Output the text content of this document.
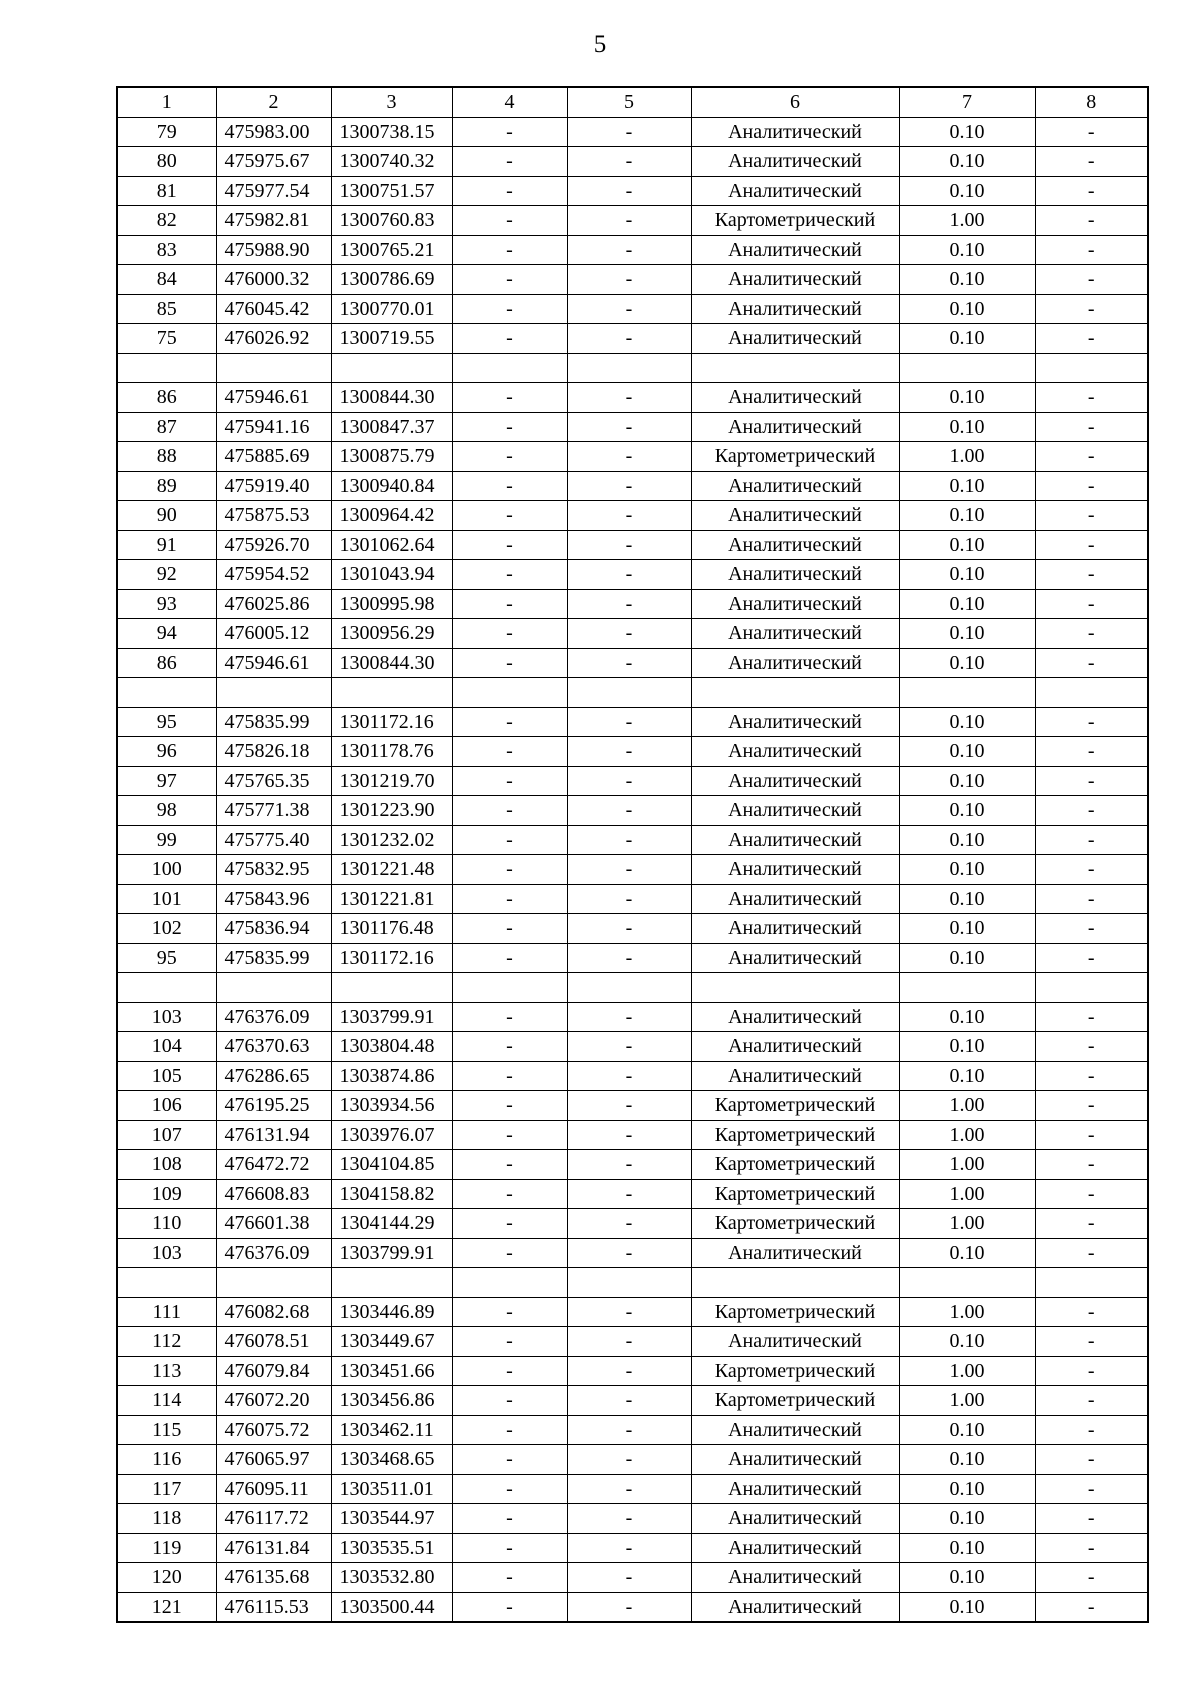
5
1	2	3	4	5	6	7	8
79	475983.00	1300738.15	-	-	Аналитический	0.10	-
80	475975.67	1300740.32	-	-	Аналитический	0.10	-
81	475977.54	1300751.57	-	-	Аналитический	0.10	-
82	475982.81	1300760.83	-	-	Картометрический	1.00	-
83	475988.90	1300765.21	-	-	Аналитический	0.10	-
84	476000.32	1300786.69	-	-	Аналитический	0.10	-
85	476045.42	1300770.01	-	-	Аналитический	0.10	-
75	476026.92	1300719.55	-	-	Аналитический	0.10	-

86	475946.61	1300844.30	-	-	Аналитический	0.10	-
87	475941.16	1300847.37	-	-	Аналитический	0.10	-
88	475885.69	1300875.79	-	-	Картометрический	1.00	-
89	475919.40	1300940.84	-	-	Аналитический	0.10	-
90	475875.53	1300964.42	-	-	Аналитический	0.10	-
91	475926.70	1301062.64	-	-	Аналитический	0.10	-
92	475954.52	1301043.94	-	-	Аналитический	0.10	-
93	476025.86	1300995.98	-	-	Аналитический	0.10	-
94	476005.12	1300956.29	-	-	Аналитический	0.10	-
86	475946.61	1300844.30	-	-	Аналитический	0.10	-

95	475835.99	1301172.16	-	-	Аналитический	0.10	-
96	475826.18	1301178.76	-	-	Аналитический	0.10	-
97	475765.35	1301219.70	-	-	Аналитический	0.10	-
98	475771.38	1301223.90	-	-	Аналитический	0.10	-
99	475775.40	1301232.02	-	-	Аналитический	0.10	-
100	475832.95	1301221.48	-	-	Аналитический	0.10	-
101	475843.96	1301221.81	-	-	Аналитический	0.10	-
102	475836.94	1301176.48	-	-	Аналитический	0.10	-
95	475835.99	1301172.16	-	-	Аналитический	0.10	-

103	476376.09	1303799.91	-	-	Аналитический	0.10	-
104	476370.63	1303804.48	-	-	Аналитический	0.10	-
105	476286.65	1303874.86	-	-	Аналитический	0.10	-
106	476195.25	1303934.56	-	-	Картометрический	1.00	-
107	476131.94	1303976.07	-	-	Картометрический	1.00	-
108	476472.72	1304104.85	-	-	Картометрический	1.00	-
109	476608.83	1304158.82	-	-	Картометрический	1.00	-
110	476601.38	1304144.29	-	-	Картометрический	1.00	-
103	476376.09	1303799.91	-	-	Аналитический	0.10	-

111	476082.68	1303446.89	-	-	Картометрический	1.00	-
112	476078.51	1303449.67	-	-	Аналитический	0.10	-
113	476079.84	1303451.66	-	-	Картометрический	1.00	-
114	476072.20	1303456.86	-	-	Картометрический	1.00	-
115	476075.72	1303462.11	-	-	Аналитический	0.10	-
116	476065.97	1303468.65	-	-	Аналитический	0.10	-
117	476095.11	1303511.01	-	-	Аналитический	0.10	-
118	476117.72	1303544.97	-	-	Аналитический	0.10	-
119	476131.84	1303535.51	-	-	Аналитический	0.10	-
120	476135.68	1303532.80	-	-	Аналитический	0.10	-
121	476115.53	1303500.44	-	-	Аналитический	0.10	-
